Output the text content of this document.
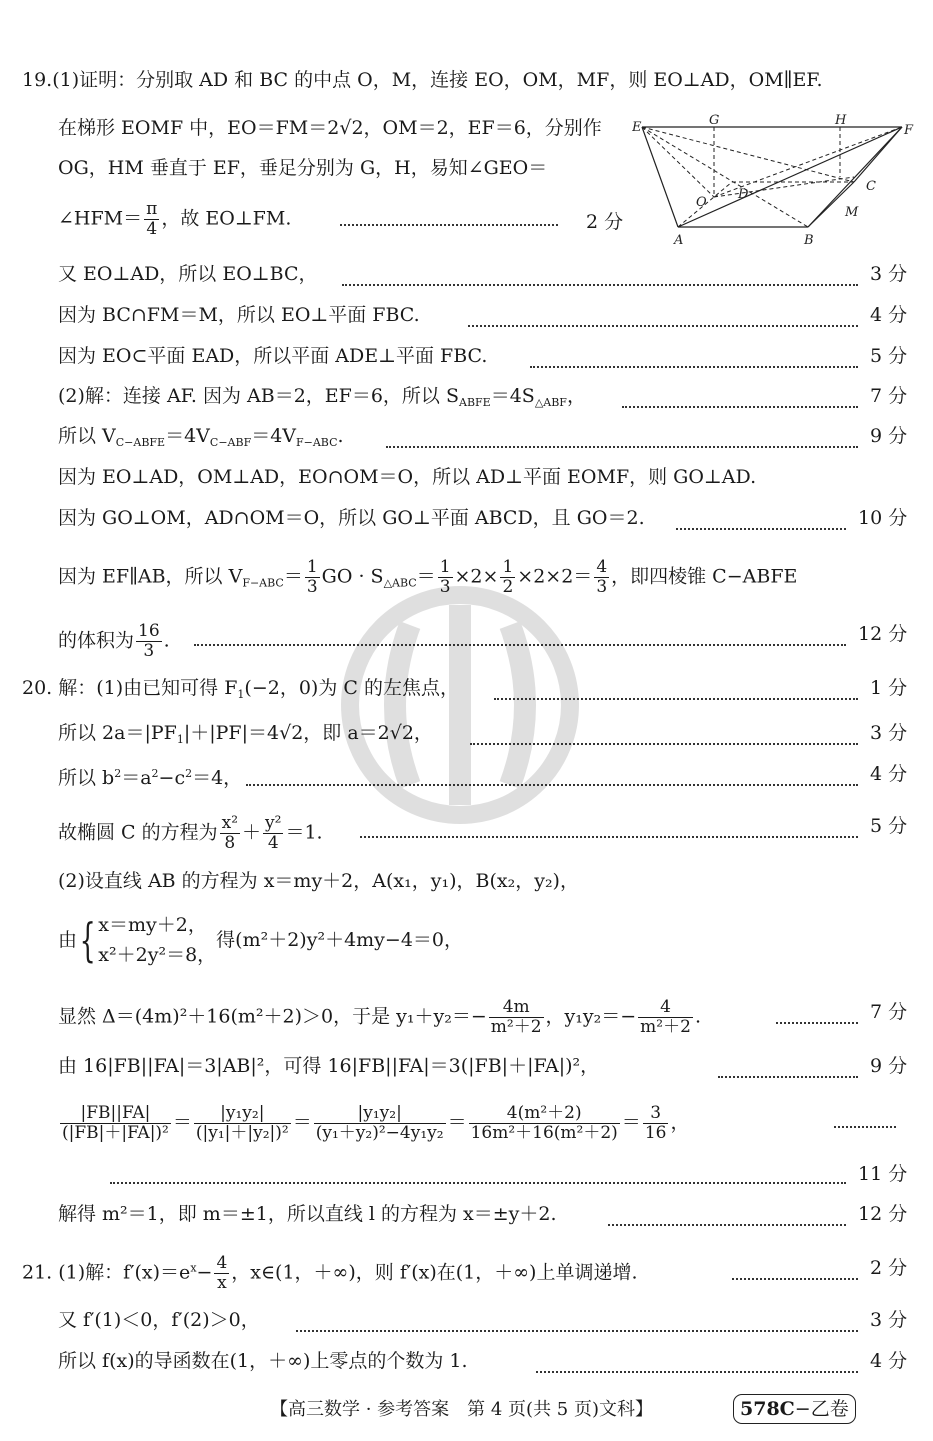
19.(1)证明：分别取 AD 和 BC 的中点 O，M，连接 EO，OM，MF，则 EO⊥AD，OM∥EF.
在梯形 EOMF 中，EO＝FM＝2√2，OM＝2，EF＝6，分别作
OG，HM 垂直于 EF，垂足分别为 G，H，易知∠GEO＝
∠HFM＝ $\frac{\pi}{4}$ ，故 EO⊥FM.	2 分
E	G	H
F
O
D
C
M
A	B
又 EO⊥AD，所以 EO⊥BC，	3 分
因为 BC∩FM＝M，所以 EO⊥平面 FBC.	4 分
因为 EO⊂平面 EAD，所以平面 ADE⊥平面 FBC.	5 分
(2)解：连接 AF. 因为 AB＝2，EF＝6，所以 $S_{ABFE}=4S_{\triangle ABF}$，	7 分
所以 $V_{C-ABFE}=4V_{C-ABF}=4V_{F-ABC}$.	9 分
因为 EO⊥AD，OM⊥AD，EO∩OM＝O，所以 AD⊥平面 EOMF，则 GO⊥AD.
因为 GO⊥OM，AD∩OM＝O，所以 GO⊥平面 ABCD，且 GO＝2.	10 分
因为 EF∥AB，所以 $V_{F-ABC}= \frac{1}{3}$ GO · $S_{\triangle ABC}= \frac{1}{3} \times 2\times \frac{1}{2} \times 2\times 2= \frac{4}{3}$ ，即四棱锥 C−ABFE
的体积为 $\frac{16}{3}$ .	12 分
20. 解：(1)由已知可得 $F_1(-2$，0)为 C 的左焦点，	1 分
所以 $2a=|PF_1|+|PF|=4√2$，即 a＝2√2，	3 分
所以 $b^2=a^2-c^2=4$，	4 分
故椭圆 C 的方程为 $\frac{\text{x²}}{8} + \frac{\text{y²}}{4} =1$.	5 分
(2)设直线 AB 的方程为 x＝my＋2，A(x₁，y₁)，B(x₂，y₂)，
由{ x＝my＋2，
x²＋2y²＝8，
得(m²＋2)y²＋4my−4＝0，
显然 Δ＝(4m)²＋16(m²＋2)＞0，于是 $y_1+y_2=- \frac{4m}{\text{m²＋2}}$ ，$y_1y_2=- \frac{4}{\text{m²＋2}}$ .	7 分
由 16|FB||FA|＝3|AB|²，可得 16|FB||FA|＝3(|FB|＋|FA|)²，	9 分
$\frac{|FB||FA|}{\text{(|FB|＋|FA|)²}} = \frac{\text{|y₁y₂|}}{\text{(|y₁|＋|y₂|)²}} = \frac{\text{|y₁y₂|}}{\text{(y₁＋y₂)²−4y₁y₂}} = \frac{\text{4(m²＋2)}}{\text{16m²＋16(m²＋2)}} = \frac{3}{16}$ ，
11 分
解得 m²＝1，即 m＝±1，所以直线 l 的方程为 x＝±y＋2.	12 分
21. (1)解：$f'(x)=e^x- \frac{4}{x}$ ，x∈(1，＋∞)，则 f′(x)在(1，＋∞)上单调递增.	2 分
又 f′(1)＜0，f′(2)＞0，	3 分
所以 f(x)的导函数在(1，＋∞)上零点的个数为 1.	4 分
【高三数学 · 参考答案　第 4 页(共 5 页)文科】	578C−乙卷
